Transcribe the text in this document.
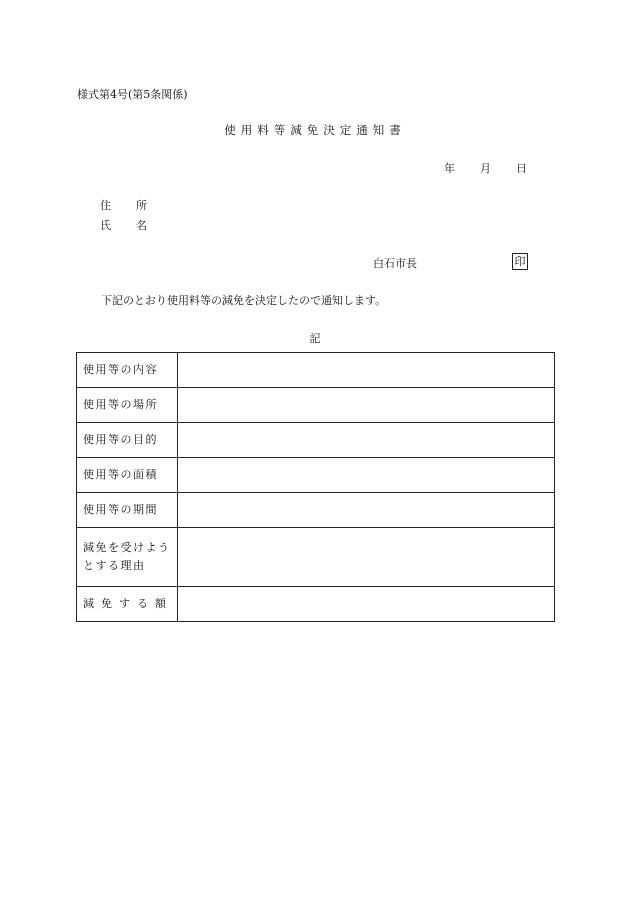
様式第4号(第5条関係)
使用料等減免決定通知書
年 月 日
住 所
氏 名
白石市長	印
下記のとおり使用料等の減免を決定したので通知します。
記
使用等の内容	
使用等の場所	
使用等の目的	
使用等の面積	
使用等の期間	
減免を受けよう
とする理由	
減免する額	
